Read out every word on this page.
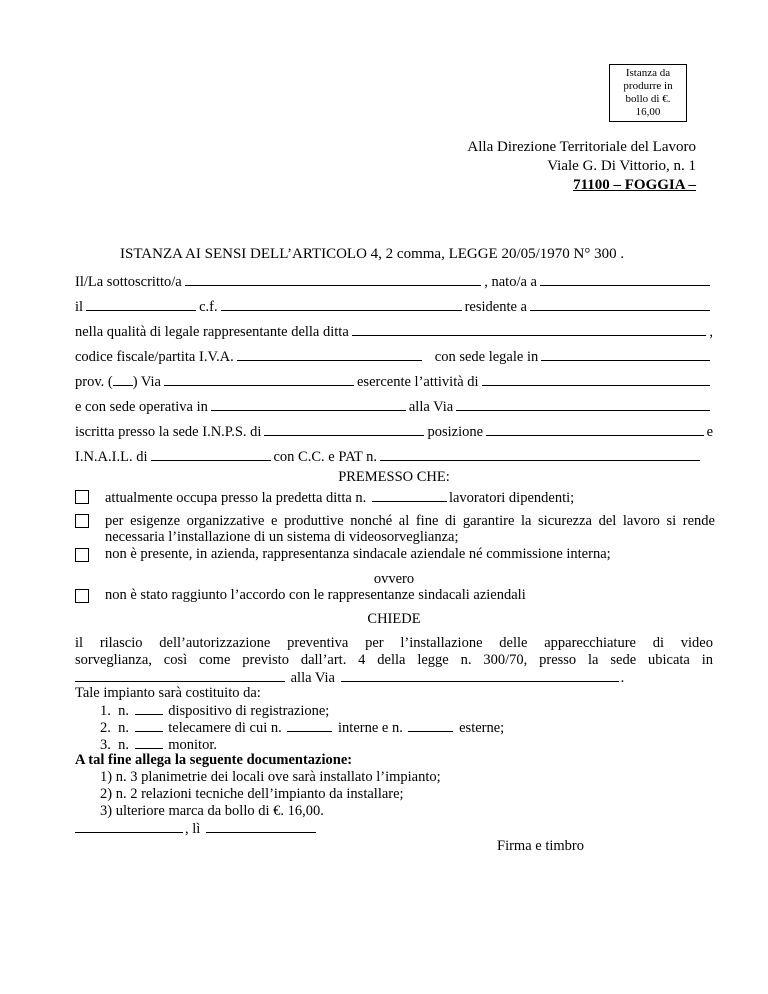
Istanza da
produrre in
bollo di €.
16,00
Alla Direzione Territoriale del Lavoro
Viale G. Di Vittorio, n. 1
71100 – FOGGIA –
ISTANZA AI SENSI DELL’ARTICOLO 4, 2 comma, LEGGE 20/05/1970 N° 300 .
Il/La sottoscritto/a	, nato/a a
il	c.f.	residente a
nella qualità di legale rappresentante della ditta	,
codice fiscale/partita I.V.A.	con sede legale in
prov. ( ) Via	esercente l’attività di
e con sede operativa in	alla Via
iscritta presso la sede I.N.P.S. di	posizione	e
I.N.A.I.L. di	con C.C. e PAT n.
PREMESSO CHE:
attualmente occupa presso la predetta ditta n.	lavoratori dipendenti;
per esigenze organizzative e produttive nonché al fine di garantire la sicurezza del lavoro si rende necessaria l’installazione di un sistema di videosorveglianza;
non è presente, in azienda, rappresentanza sindacale aziendale né commissione interna;
ovvero
non è stato raggiunto l’accordo con le rappresentanze sindacali aziendali
CHIEDE
il rilascio dell’autorizzazione preventiva per l’installazione delle apparecchiature di video
sorveglianza, così come previsto dall’art. 4 della legge n. 300/70, presso la sede ubicata in
alla Via	.
Tale impianto sarà costituito da:
1. n.	dispositivo di registrazione;
2. n.	telecamere di cui n.	interne e n.	esterne;
3. n.	monitor.
A tal fine allega la seguente documentazione:
1) n. 3 planimetrie dei locali ove sarà installato l’impianto;
2) n. 2 relazioni tecniche dell’impianto da installare;
3) ulteriore marca da bollo di €. 16,00.
, lì
Firma e timbro
